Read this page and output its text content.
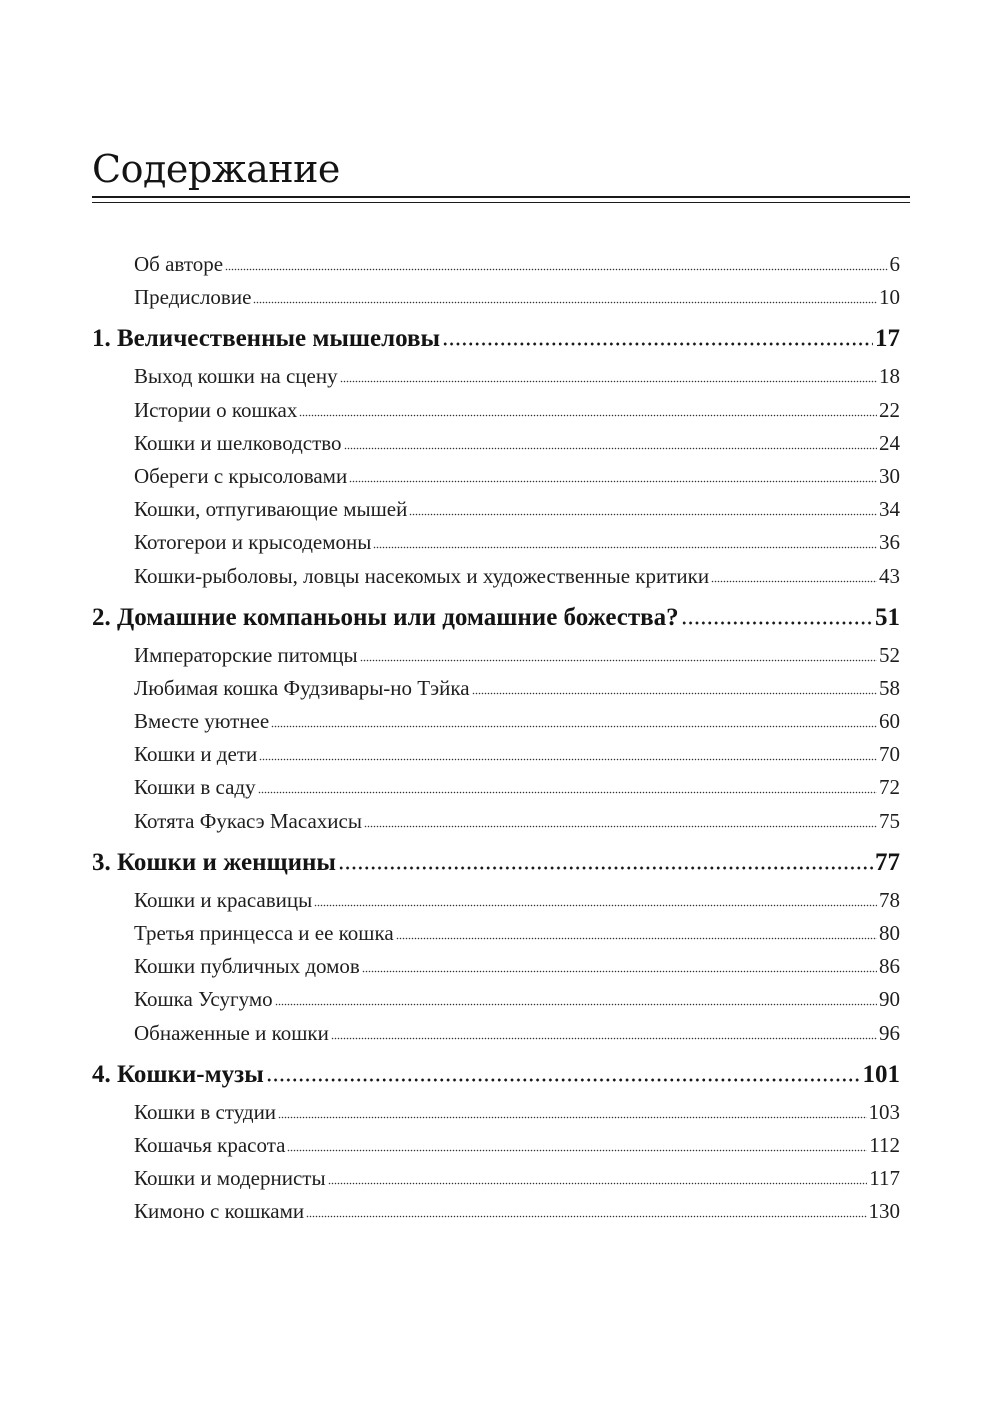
Содержание
Об авторе	6
Предисловие	10
1. Величественные мышеловы	17
Выход кошки на сцену	18
Истории о кошках	22
Кошки и шелководство	24
Обереги с крысоловами	30
Кошки, отпугивающие мышей	34
Котогерои и крысодемоны	36
Кошки-рыболовы, ловцы насекомых и художественные критики	43
2. Домашние компаньоны или домашние божества?	51
Императорские питомцы	52
Любимая кошка Фудзивары-но Тэйка	58
Вместе уютнее	60
Кошки и дети	70
Кошки в саду	72
Котята Фукасэ Масахисы	75
3. Кошки и женщины	77
Кошки и красавицы	78
Третья принцесса и ее кошка	80
Кошки публичных домов	86
Кошка Усугумо	90
Обнаженные и кошки	96
4. Кошки-музы	101
Кошки в студии	103
Кошачья красота	112
Кошки и модернисты	117
Кимоно с кошками	130
